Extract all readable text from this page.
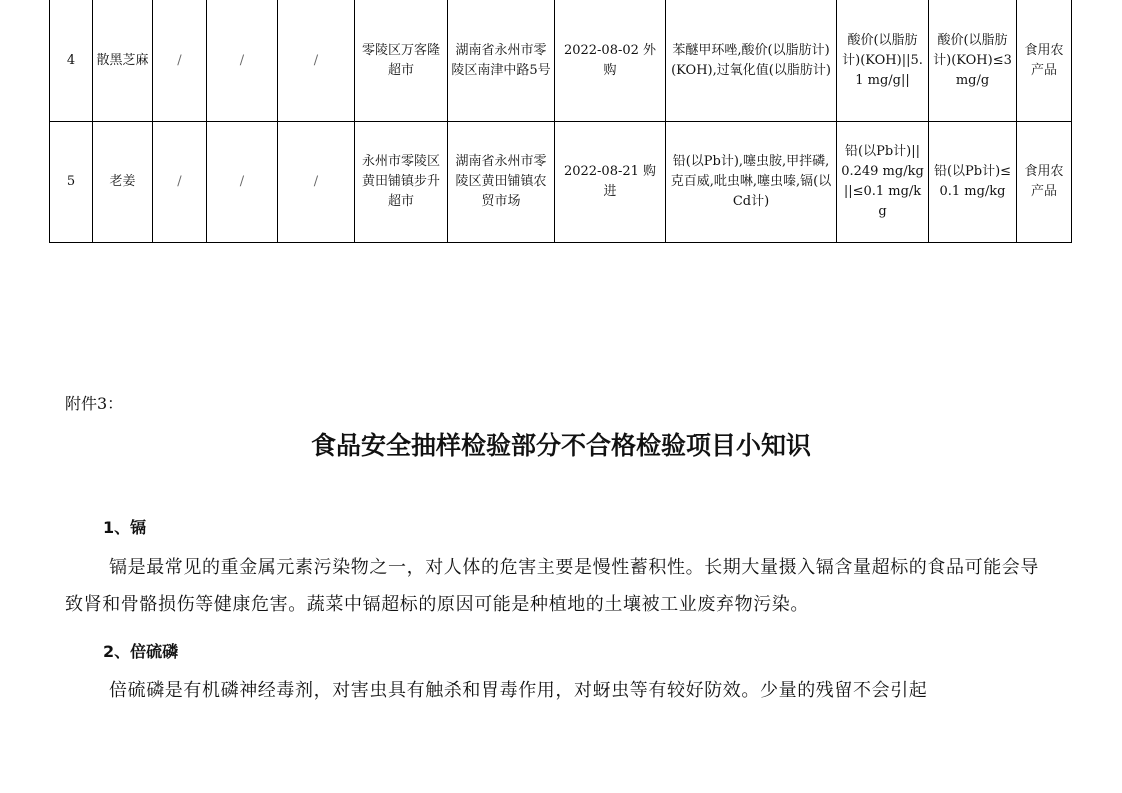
4	散黑芝麻	/	/	/	零陵区万客隆超市	湖南省永州市零陵区南津中路5号	2022-08-02 外购	苯醚甲环唑,酸价(以脂肪计)(KOH),过氧化值(以脂肪计)	酸价(以脂肪计)(KOH)||5.1 mg/g||	酸价(以脂肪计)(KOH)≤3 mg/g	食用农产品
5	老姜	/	/	/	永州市零陵区黄田铺镇步升超市	湖南省永州市零陵区黄田铺镇农贸市场	2022-08-21 购进	铅(以Pb计),噻虫胺,甲拌磷,克百威,吡虫啉,噻虫嗪,镉(以Cd计)	铅(以Pb计)||0.249 mg/kg||≤0.1 mg/kg	铅(以Pb计)≤0.1 mg/kg	食用农产品
附件3：
食品安全抽样检验部分不合格检验项目小知识
1、镉
镉是最常见的重金属元素污染物之一，对人体的危害主要是慢性蓄积性。长期大量摄入镉含量超标的食品可能会导致肾和骨骼损伤等健康危害。蔬菜中镉超标的原因可能是种植地的土壤被工业废弃物污染。
2、倍硫磷
倍硫磷是有机磷神经毒剂，对害虫具有触杀和胃毒作用，对蚜虫等有较好防效。少量的残留不会引起
